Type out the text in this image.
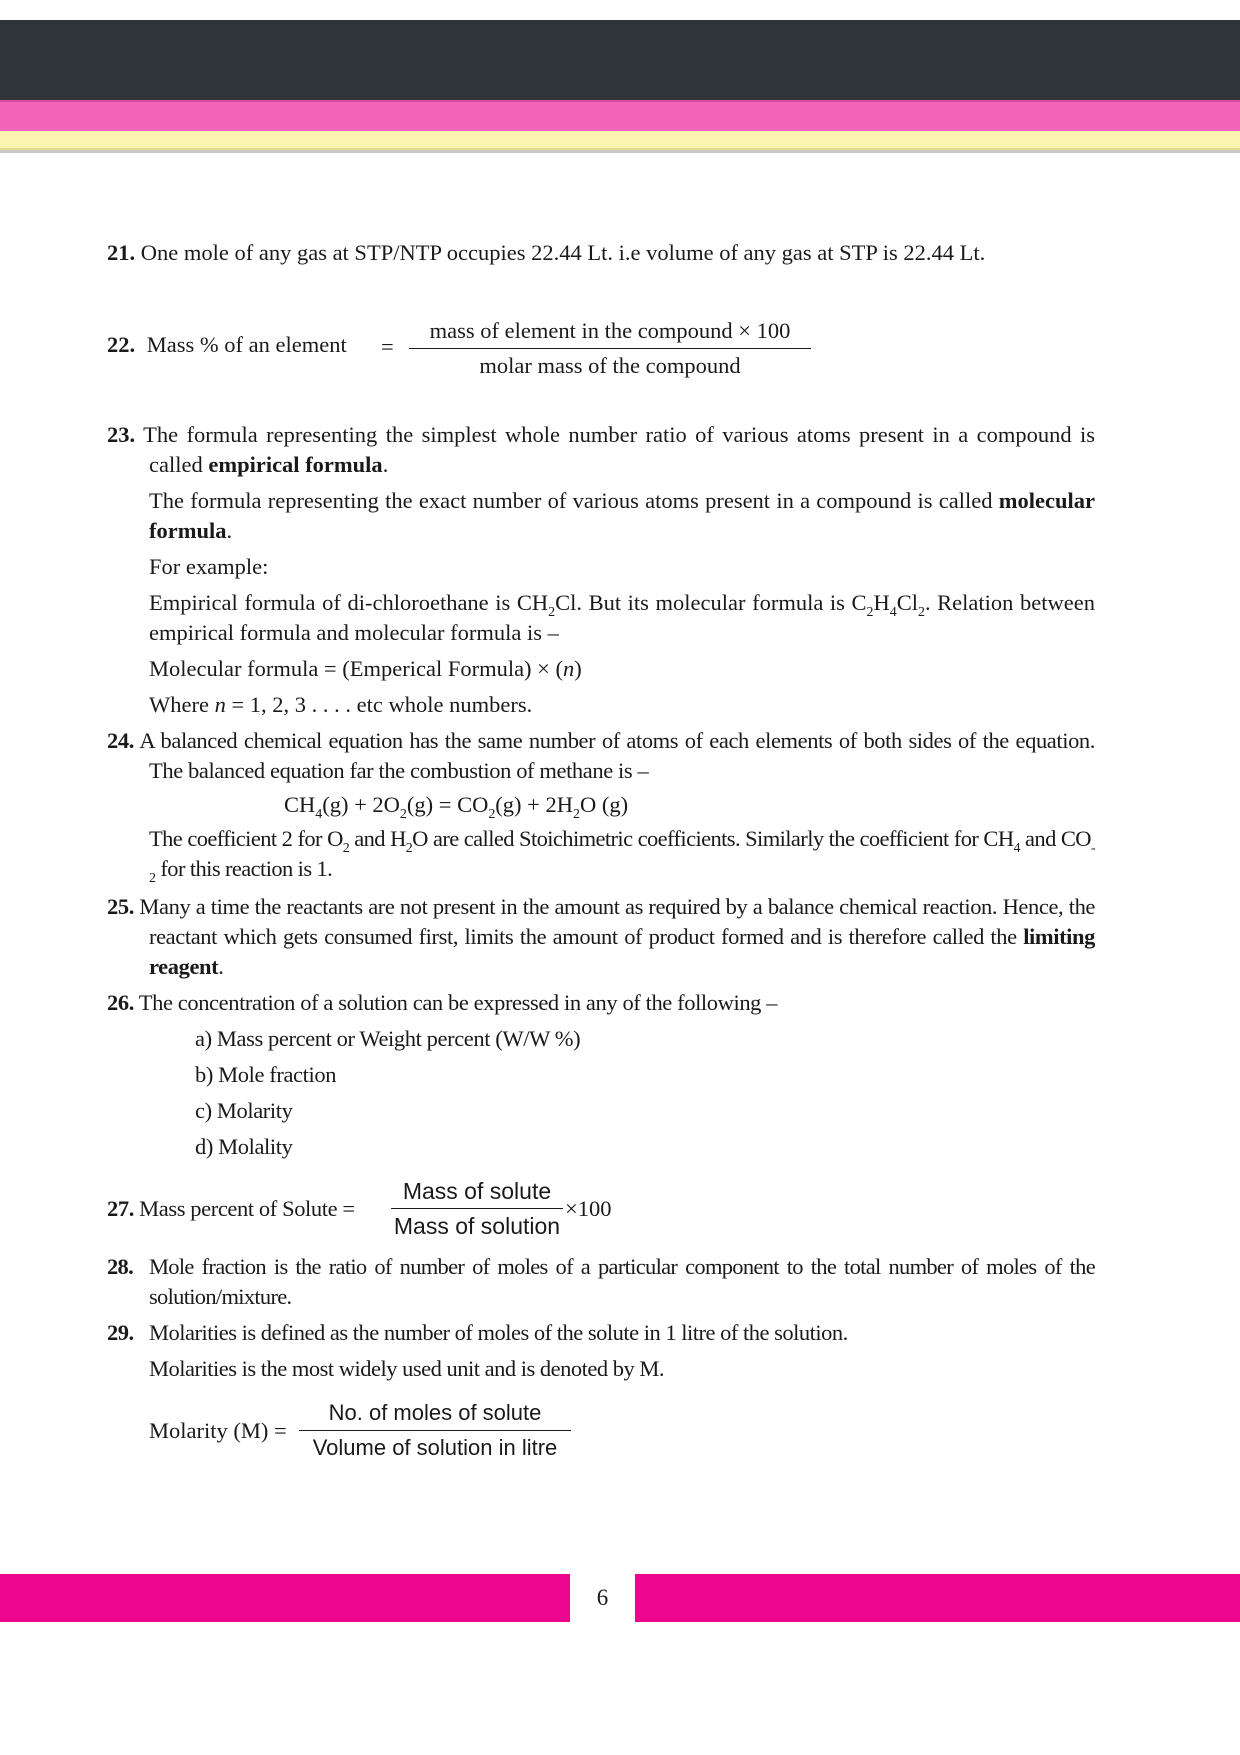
21. One mole of any gas at STP/NTP occupies 22.44 Lt. i.e volume of any gas at STP is 22.44 Lt.
22. Mass % of an element =
mass of element in the compound × 100
molar mass of the compound
23. The formula representing the simplest whole number ratio of various atoms present in a compound is called empirical formula.
The formula representing the exact number of various atoms present in a compound is called molecular formula.
For example:
Empirical formula of di-chloroethane is $CH_2Cl$. But its molecular formula is $C_2H_4Cl_2$. Relation between empirical formula and molecular formula is –
Molecular formula = (Emperical Formula) × (n)
Where n = 1, 2, 3 . . . . etc whole numbers.
24. A balanced chemical equation has the same number of atoms of each elements of both sides of the equation. The balanced equation far the combustion of methane is –
$CH_4(g) + 2O_2(g) = CO_2(g) + 2H_2O$ (g)
The coefficient 2 for $O_2$ and $H_2O$ are called Stoichimetric coefficients. Similarly the coefficient for $CH_4$ and $CO_{-2}$ for this reaction is 1.
25. Many a time the reactants are not present in the amount as required by a balance chemical reaction. Hence, the reactant which gets consumed first, limits the amount of product formed and is therefore called the limiting reagent.
26. The concentration of a solution can be expressed in any of the following –
a) Mass percent or Weight percent (W/W %)
b) Mole fraction
c) Molarity
d) Molality
27. Mass percent of Solute =
Mass of solute
Mass of solution
×100
28. Mole fraction is the ratio of number of moles of a particular component to the total number of moles of the solution/mixture.
29. Molarities is defined as the number of moles of the solute in 1 litre of the solution.
Molarities is the most widely used unit and is denoted by M.
Molarity (M) =
No. of moles of solute
Volume of solution in litre
6
